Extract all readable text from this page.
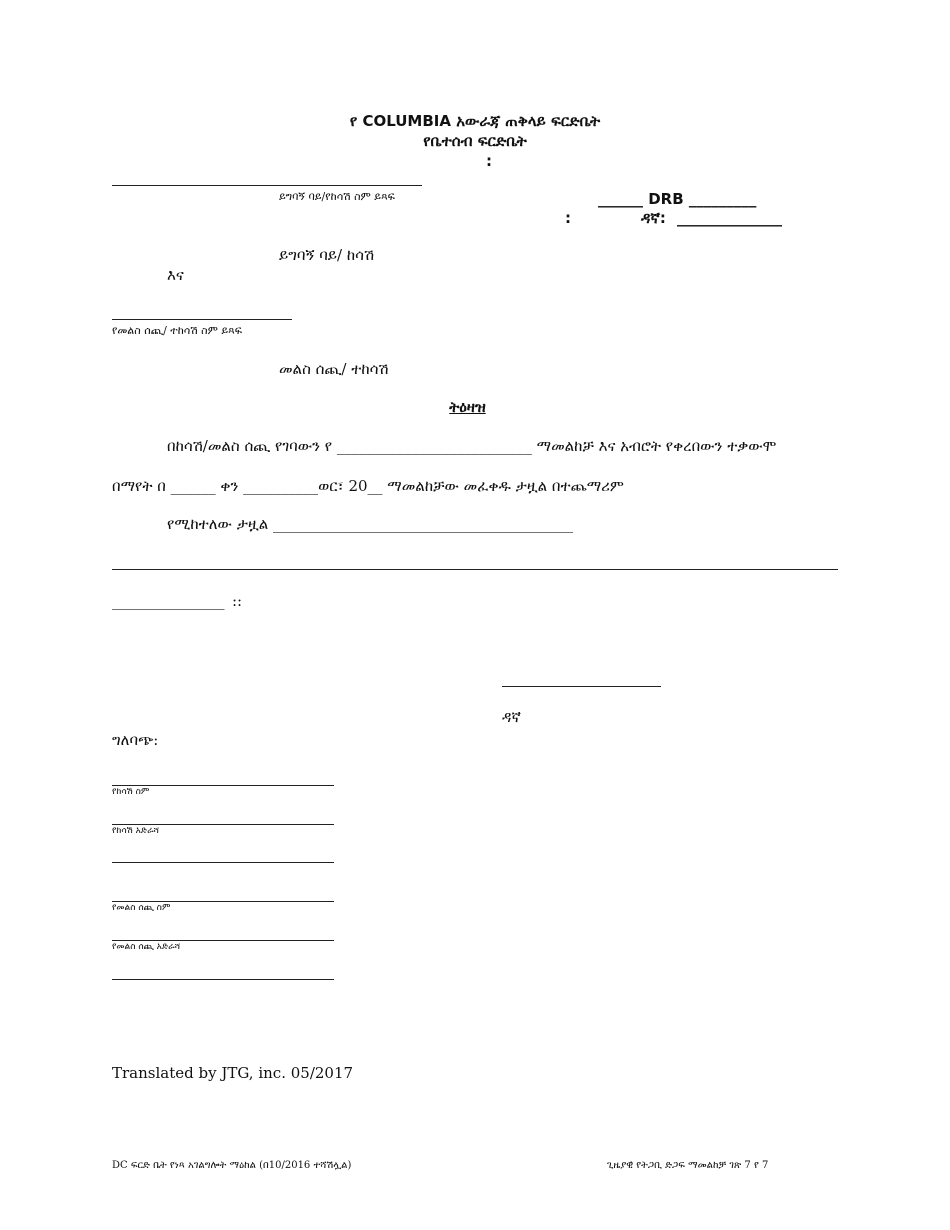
የ COLUMBIA አውራጃ ጠቅላይ ፍርድቤት
የቤተሰብ ፍርድቤት
:
ይግባኝ ባይ/የከሳሽ ስም ይጻፍ	______ DRB _________
:	ዳኛ: ______________
ይግባኝ ባይ/ ከሳሽ
እና
የመልስ ሰጪ/ ተከሳሽ ስም ይጻፍ
መልስ ሰጪ/ ተከሳሽ
ትዕዛዝ
በከሳሽ/መልስ ሰጪ የገባውን የ __________________________ ማመልከቻ እና አብሮት የቀረበውን ተቃውሞ
በማየት በ ______ ቀን __________ወር፣ 20__ ማመልከቻው መፈቀዱ ታዟል በተጨማሪም
የሚከተለው ታዟል ________________________________________
_______________ ::
ዳኛ
ግለባጭ:
የከሳሽ ስም
የከሳሽ አድራሻ
የመልስ ሰጪ ስም
የመልስ ሰጪ አድራሻ
Translated by JTG, inc. 05/2017
DC ፍርድ ቤት የነጻ አገልግሎት ማዕከል (በ10/2016 ተሻሽሏል)	ጊዜያዊ የትጋቢ ድጋፍ ማመልከቻ ገጽ 7 የ 7
